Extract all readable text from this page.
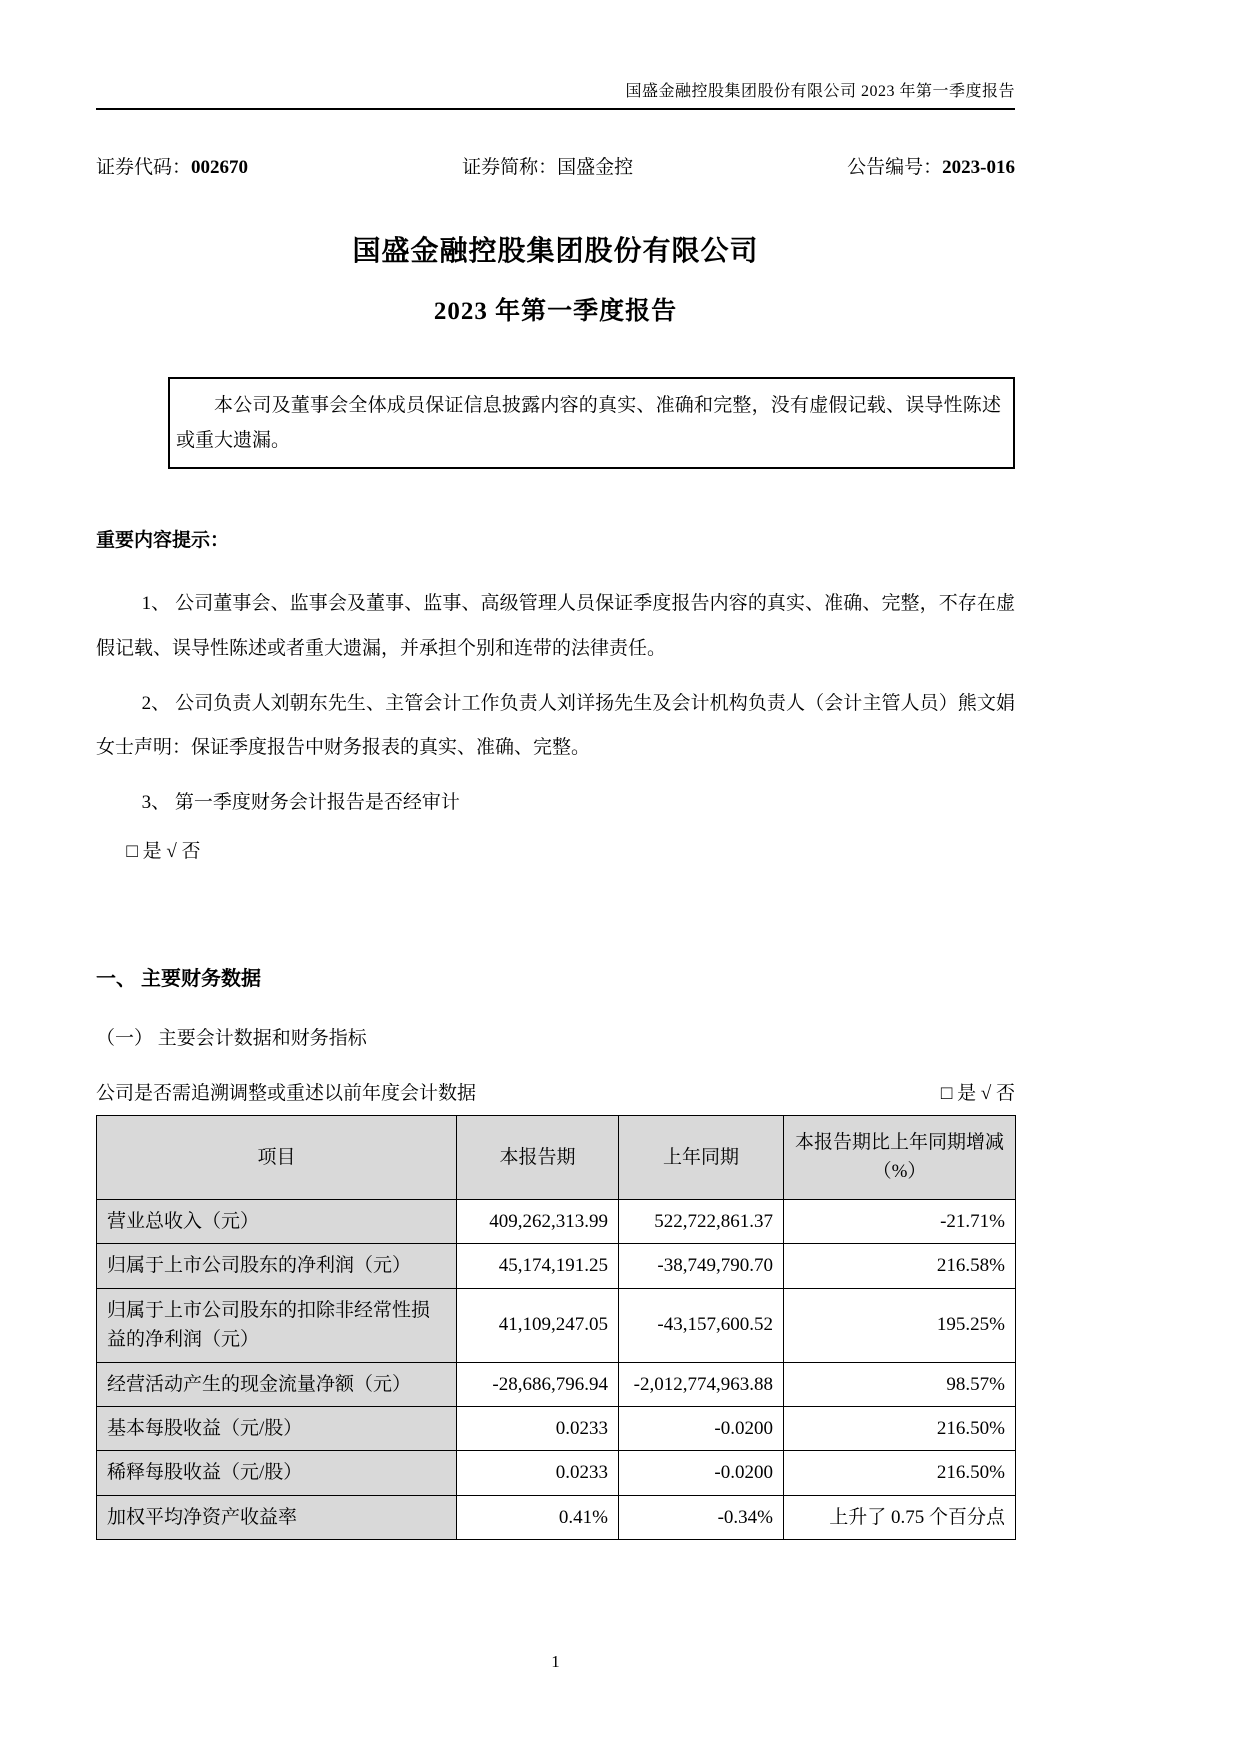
国盛金融控股集团股份有限公司 2023 年第一季度报告
证券代码：002670	证券简称：国盛金控	公告编号：2023-016
国盛金融控股集团股份有限公司
2023 年第一季度报告

本公司及董事会全体成员保证信息披露内容的真实、准确和完整，没有虚假记载、误导性陈述或重大遗漏。

重要内容提示：

1、 公司董事会、监事会及董事、监事、高级管理人员保证季度报告内容的真实、准确、完整，不存在虚假记载、误导性陈述或者重大遗漏，并承担个别和连带的法律责任。

2、 公司负责人刘朝东先生、主管会计工作负责人刘详扬先生及会计机构负责人（会计主管人员）熊文娟女士声明：保证季度报告中财务报表的真实、准确、完整。

3、 第一季度财务会计报告是否经审计

□ 是 √ 否
一、 主要财务数据
（一） 主要会计数据和财务指标
公司是否需追溯调整或重述以前年度会计数据	□ 是 √ 否
项目	本报告期	上年同期	本报告期比上年同期增减（%）
营业总收入（元）	409,262,313.99	522,722,861.37	-21.71%
归属于上市公司股东的净利润（元）	45,174,191.25	-38,749,790.70	216.58%
归属于上市公司股东的扣除非经常性损益的净利润（元）	41,109,247.05	-43,157,600.52	195.25%
经营活动产生的现金流量净额（元）	-28,686,796.94	-2,012,774,963.88	98.57%
基本每股收益（元/股）	0.0233	-0.0200	216.50%
稀释每股收益（元/股）	0.0233	-0.0200	216.50%
加权平均净资产收益率	0.41%	-0.34%	上升了 0.75 个百分点
1
